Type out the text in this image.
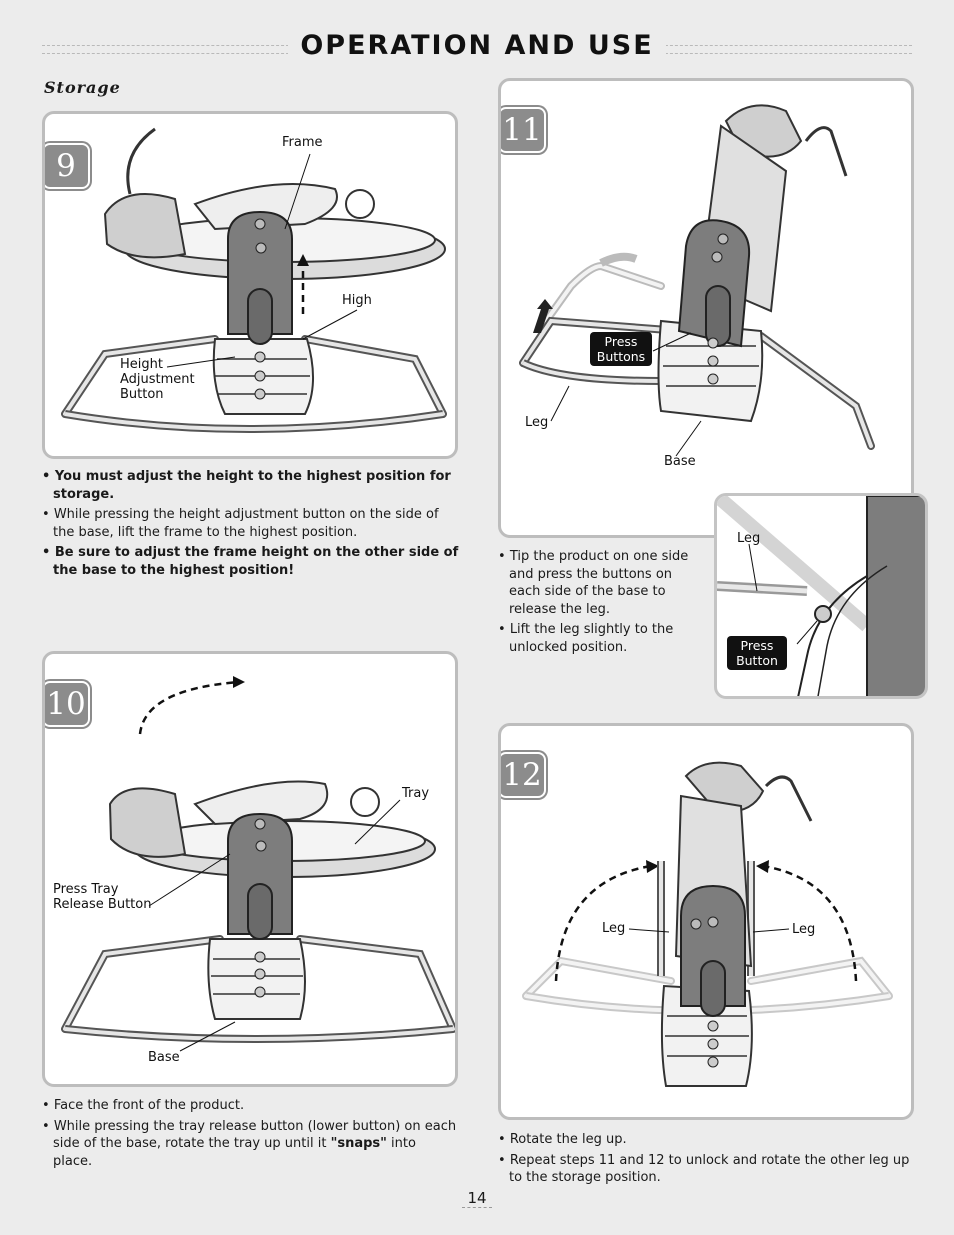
OPERATION AND USE
Storage
9
Frame
High
Height Adjustment Button

• You must adjust the height to the highest position for storage.

• While pressing the height adjustment button on the side of the base, lift the frame to the highest position.

• Be sure to adjust the frame height on the other side of the base to the highest position!

10
Tray
Press Tray Release Button
Base

• Face the front of the product.

• While pressing the tray release button (lower button) on each side of the base, rotate the tray up until it "snaps" into place.

11
Press Buttons
Leg
Base
Leg
Press Button

• Tip the product on one side and press the buttons on each side of the base to release the leg.

• Lift the leg slightly to the unlocked position.

12
Leg	Leg

• Rotate the leg up.

• Repeat steps 11 and 12 to unlock and rotate the other leg up to the storage position.

14
